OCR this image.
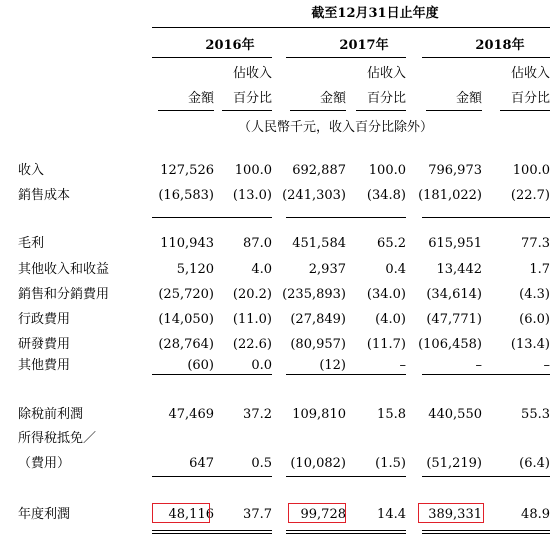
截至12月31日止年度
2016年	2017年	2018年
佔收入	佔收入	佔收入
金額	百分比	金額	百分比	金額	百分比
（人民幣千元，收入百分比除外）
收入	127,526	100.0	692,887	100.0	796,973	100.0
銷售成本	(16,583)	(13.0) (241,303)	(34.8) (181,022)	(22.7)
毛利	110,943	87.0	451,584	65.2	615,951	77.3
其他收入和收益	5,120	4.0	2,937	0.4	13,442	1.7
銷售和分銷費用	(25,720)	(20.2) (235,893)	(34.0)	(34,614)	(4.3)
行政費用	(14,050)	(11.0)	(27,849)	(4.0)	(47,771)	(6.0)
研發費用	(28,764)	(22.6)	(80,957)	(11.7) (106,458)	(13.4)
其他費用	(60)	0.0	(12)	–	–	–
除稅前利潤	47,469	37.2	109,810	15.8	440,550	55.3
所得稅抵免／
（費用）	647	0.5	(10,082)	(1.5)	(51,219)	(6.4)
年度利潤	48,116	37.7	99,728	14.4	389,331	48.9
